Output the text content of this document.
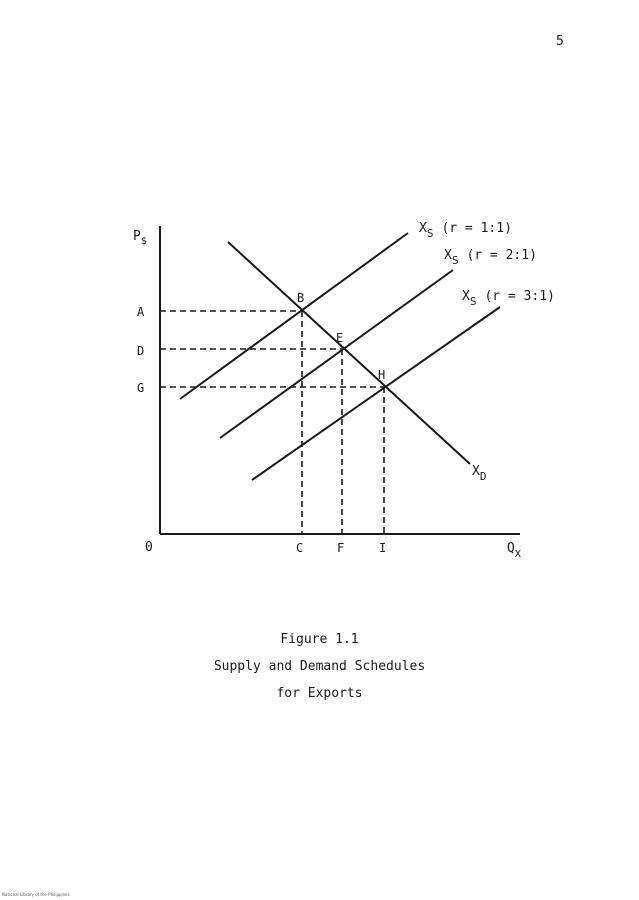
5
$P_{\$}$
$Q_X$
0
A
D
G
C	F	I
B
E
H
$X_S$ (r = 1:1)
$X_S$ (r = 2:1)
$X_S$ (r = 3:1)
$X_D$
Figure 1.1
Supply and Demand Schedules
for Exports
National Library of the Philippines
